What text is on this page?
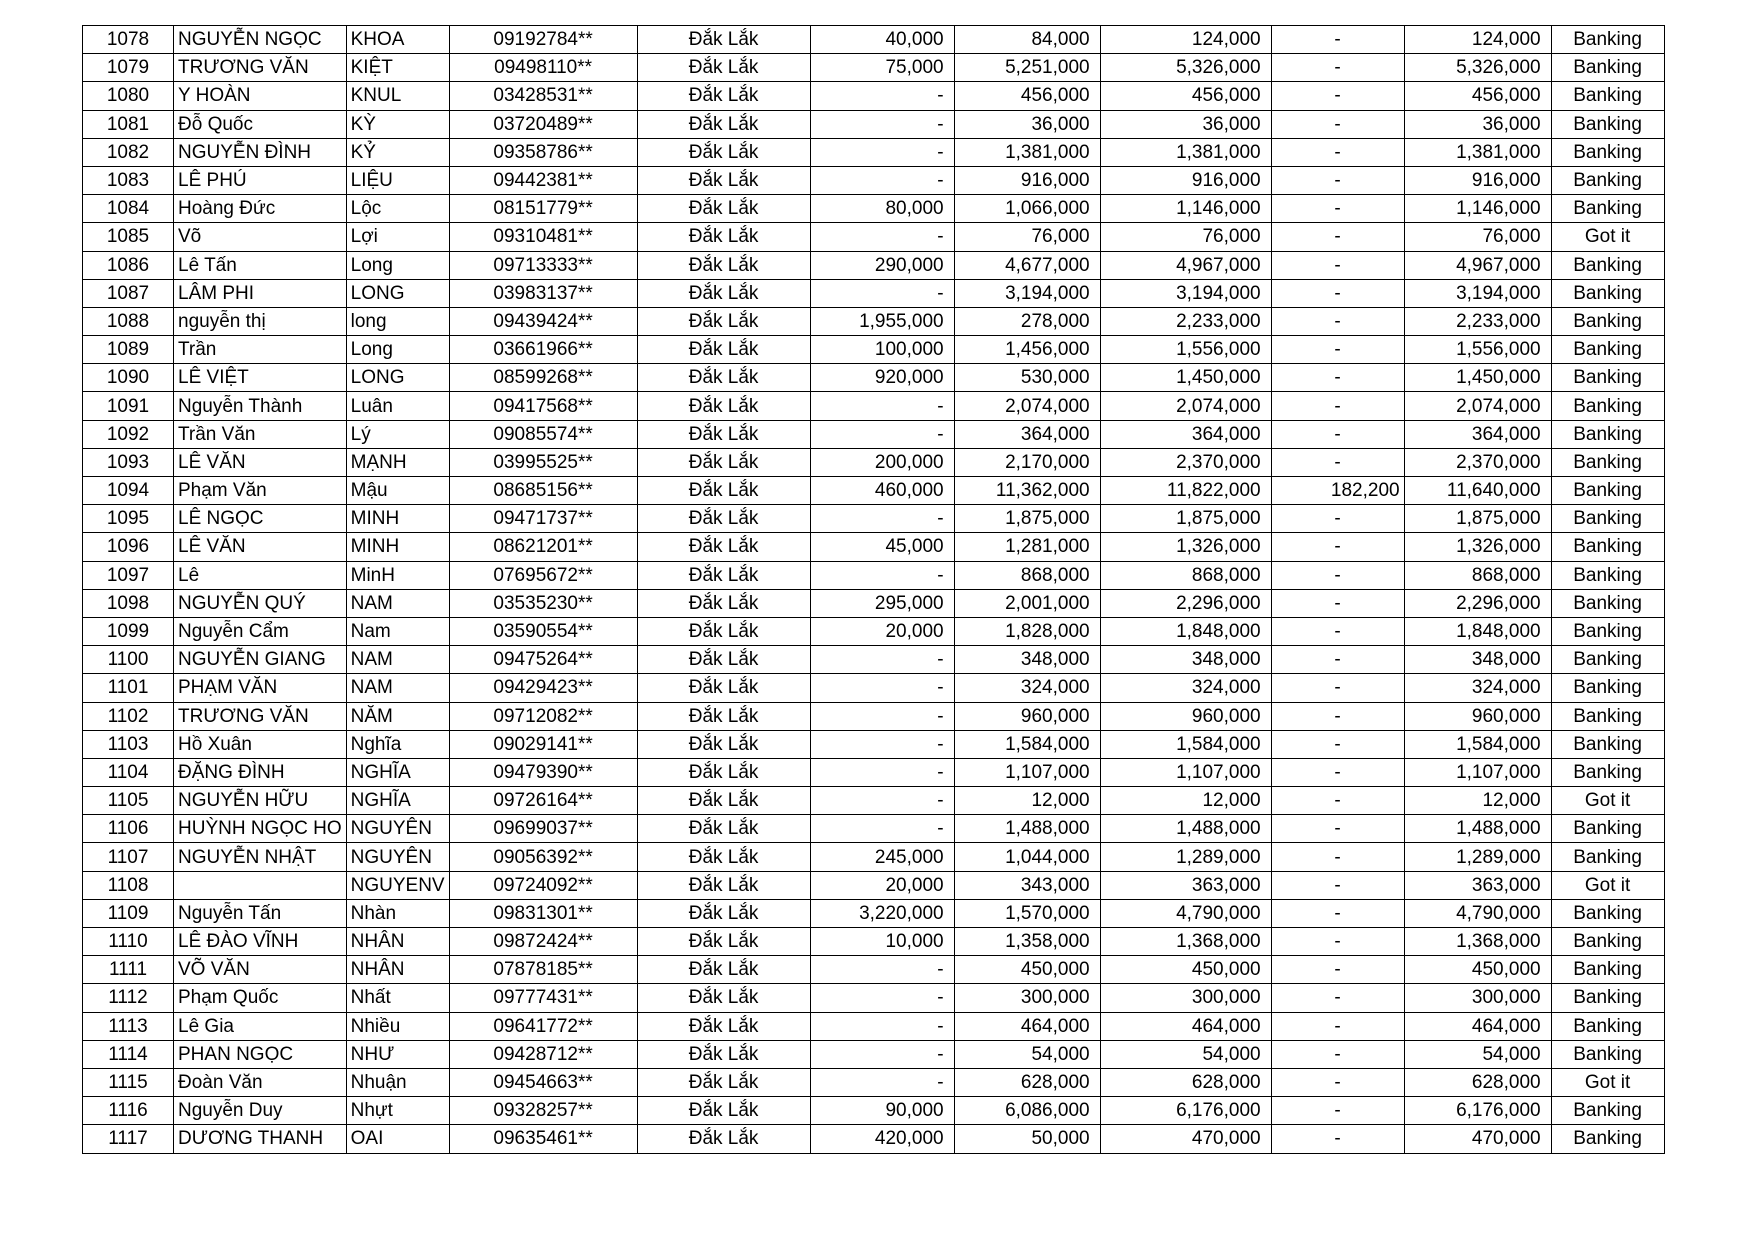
1078	NGUYỄN NGỌC	KHOA	09192784**	Đắk Lắk	40,000	84,000	124,000	-	124,000	Banking
1079	TRƯƠNG VĂN	KIỆT	09498110**	Đắk Lắk	75,000	5,251,000	5,326,000	-	5,326,000	Banking
1080	Y HOÀN	KNUL	03428531**	Đắk Lắk	-	456,000	456,000	-	456,000	Banking
1081	Đỗ Quốc	KỲ	03720489**	Đắk Lắk	-	36,000	36,000	-	36,000	Banking
1082	NGUYỄN ĐÌNH	KỶ	09358786**	Đắk Lắk	-	1,381,000	1,381,000	-	1,381,000	Banking
1083	LÊ PHÚ	LIỆU	09442381**	Đắk Lắk	-	916,000	916,000	-	916,000	Banking
1084	Hoàng Đức	Lộc	08151779**	Đắk Lắk	80,000	1,066,000	1,146,000	-	1,146,000	Banking
1085	Võ	Lợi	09310481**	Đắk Lắk	-	76,000	76,000	-	76,000	Got it
1086	Lê Tấn	Long	09713333**	Đắk Lắk	290,000	4,677,000	4,967,000	-	4,967,000	Banking
1087	LÂM PHI	LONG	03983137**	Đắk Lắk	-	3,194,000	3,194,000	-	3,194,000	Banking
1088	nguyễn thị	long	09439424**	Đắk Lắk	1,955,000	278,000	2,233,000	-	2,233,000	Banking
1089	Trần	Long	03661966**	Đắk Lắk	100,000	1,456,000	1,556,000	-	1,556,000	Banking
1090	LÊ VIỆT	LONG	08599268**	Đắk Lắk	920,000	530,000	1,450,000	-	1,450,000	Banking
1091	Nguyễn Thành	Luân	09417568**	Đắk Lắk	-	2,074,000	2,074,000	-	2,074,000	Banking
1092	Trần Văn	Lý	09085574**	Đắk Lắk	-	364,000	364,000	-	364,000	Banking
1093	LÊ VĂN	MẠNH	03995525**	Đắk Lắk	200,000	2,170,000	2,370,000	-	2,370,000	Banking
1094	Phạm Văn	Mậu	08685156**	Đắk Lắk	460,000	11,362,000	11,822,000	182,200	11,640,000	Banking
1095	LÊ NGỌC	MINH	09471737**	Đắk Lắk	-	1,875,000	1,875,000	-	1,875,000	Banking
1096	LÊ VĂN	MINH	08621201**	Đắk Lắk	45,000	1,281,000	1,326,000	-	1,326,000	Banking
1097	Lê	MinH	07695672**	Đắk Lắk	-	868,000	868,000	-	868,000	Banking
1098	NGUYỄN QUÝ	NAM	03535230**	Đắk Lắk	295,000	2,001,000	2,296,000	-	2,296,000	Banking
1099	Nguyễn Cẩm	Nam	03590554**	Đắk Lắk	20,000	1,828,000	1,848,000	-	1,848,000	Banking
1100	NGUYỄN GIANG	NAM	09475264**	Đắk Lắk	-	348,000	348,000	-	348,000	Banking
1101	PHẠM VĂN	NAM	09429423**	Đắk Lắk	-	324,000	324,000	-	324,000	Banking
1102	TRƯƠNG VĂN	NĂM	09712082**	Đắk Lắk	-	960,000	960,000	-	960,000	Banking
1103	Hồ Xuân	Nghĩa	09029141**	Đắk Lắk	-	1,584,000	1,584,000	-	1,584,000	Banking
1104	ĐẶNG ĐÌNH	NGHĨA	09479390**	Đắk Lắk	-	1,107,000	1,107,000	-	1,107,000	Banking
1105	NGUYỄN HỮU	NGHĨA	09726164**	Đắk Lắk	-	12,000	12,000	-	12,000	Got it
1106	HUỲNH NGỌC HO	NGUYÊN	09699037**	Đắk Lắk	-	1,488,000	1,488,000	-	1,488,000	Banking
1107	NGUYỄN NHẬT	NGUYÊN	09056392**	Đắk Lắk	245,000	1,044,000	1,289,000	-	1,289,000	Banking
1108		NGUYENV	09724092**	Đắk Lắk	20,000	343,000	363,000	-	363,000	Got it
1109	Nguyễn Tấn	Nhàn	09831301**	Đắk Lắk	3,220,000	1,570,000	4,790,000	-	4,790,000	Banking
1110	LÊ ĐÀO VĨNH	NHÂN	09872424**	Đắk Lắk	10,000	1,358,000	1,368,000	-	1,368,000	Banking
1111	VÕ VĂN	NHÂN	07878185**	Đắk Lắk	-	450,000	450,000	-	450,000	Banking
1112	Phạm Quốc	Nhất	09777431**	Đắk Lắk	-	300,000	300,000	-	300,000	Banking
1113	Lê Gia	Nhiều	09641772**	Đắk Lắk	-	464,000	464,000	-	464,000	Banking
1114	PHAN NGỌC	NHƯ	09428712**	Đắk Lắk	-	54,000	54,000	-	54,000	Banking
1115	Đoàn Văn	Nhuận	09454663**	Đắk Lắk	-	628,000	628,000	-	628,000	Got it
1116	Nguyễn Duy	Nhựt	09328257**	Đắk Lắk	90,000	6,086,000	6,176,000	-	6,176,000	Banking
1117	DƯƠNG THANH	OAI	09635461**	Đắk Lắk	420,000	50,000	470,000	-	470,000	Banking
